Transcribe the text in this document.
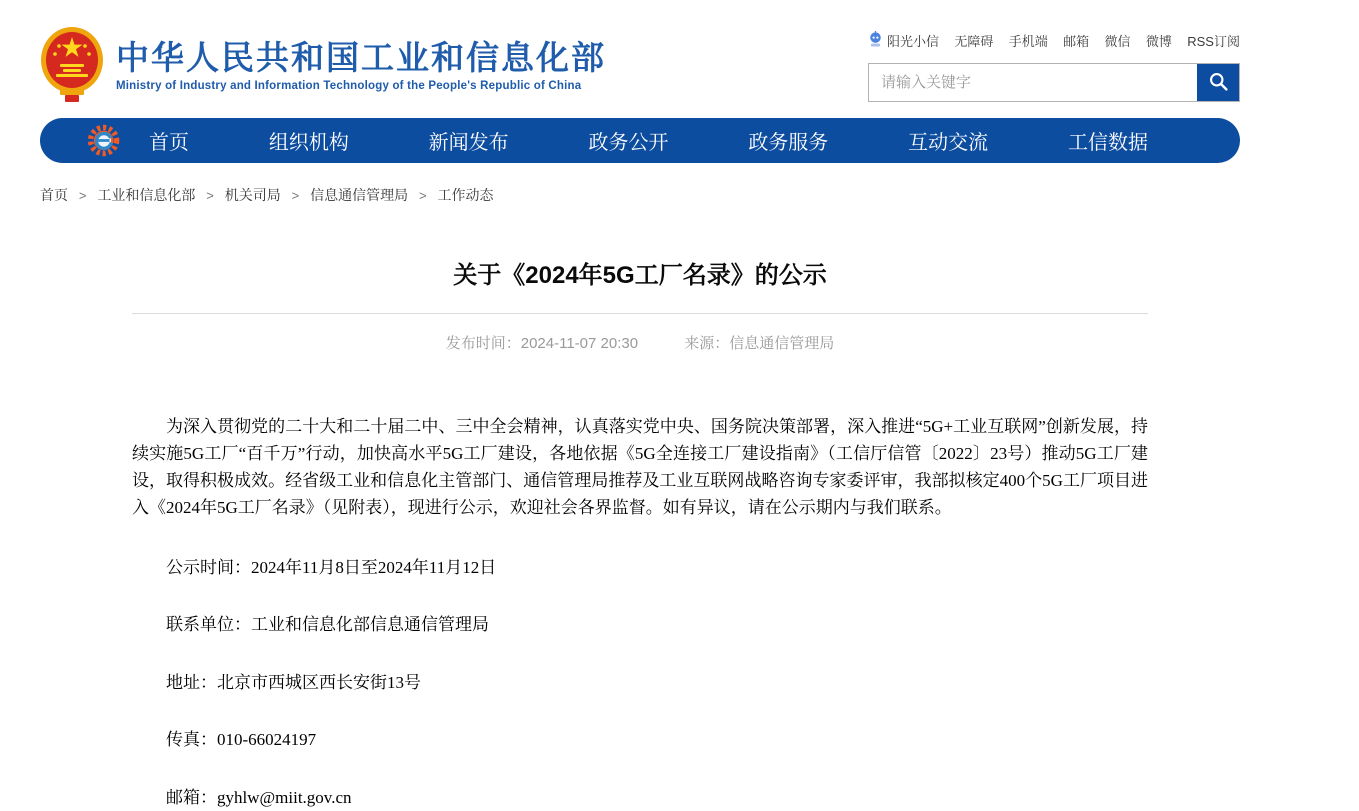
中华人民共和国工业和信息化部
Ministry of Industry and Information Technology of the People's Republic of China
阳光小信 无障碍 手机端 邮箱 微信 微博 RSS订阅
请输入关键字
首页	组织机构	新闻发布	政务公开	政务服务	互动交流	工信数据
首页 > 工业和信息化部 > 机关司局 > 信息通信管理局 > 工作动态
关于《2024年5G工厂名录》的公示
发布时间：2024-11-07 20:30	来源：信息通信管理局

为深入贯彻党的二十大和二十届二中、三中全会精神，认真落实党中央、国务院决策部署，深入推进“5G+工业互联网”创新发展，持续实施5G工厂“百千万”行动，加快高水平5G工厂建设，各地依据《5G全连接工厂建设指南》（工信厅信管〔2022〕23号）推动5G工厂建设，取得积极成效。经省级工业和信息化主管部门、通信管理局推荐及工业互联网战略咨询专家委评审，我部拟核定400个5G工厂项目进入《2024年5G工厂名录》（见附表），现进行公示，欢迎社会各界监督。如有异议，请在公示期内与我们联系。

公示时间：2024年11月8日至2024年11月12日

联系单位：工业和信息化部信息通信管理局

地址：北京市西城区西长安街13号

传真：010-66024197

邮箱：gyhlw@miit.gov.cn
